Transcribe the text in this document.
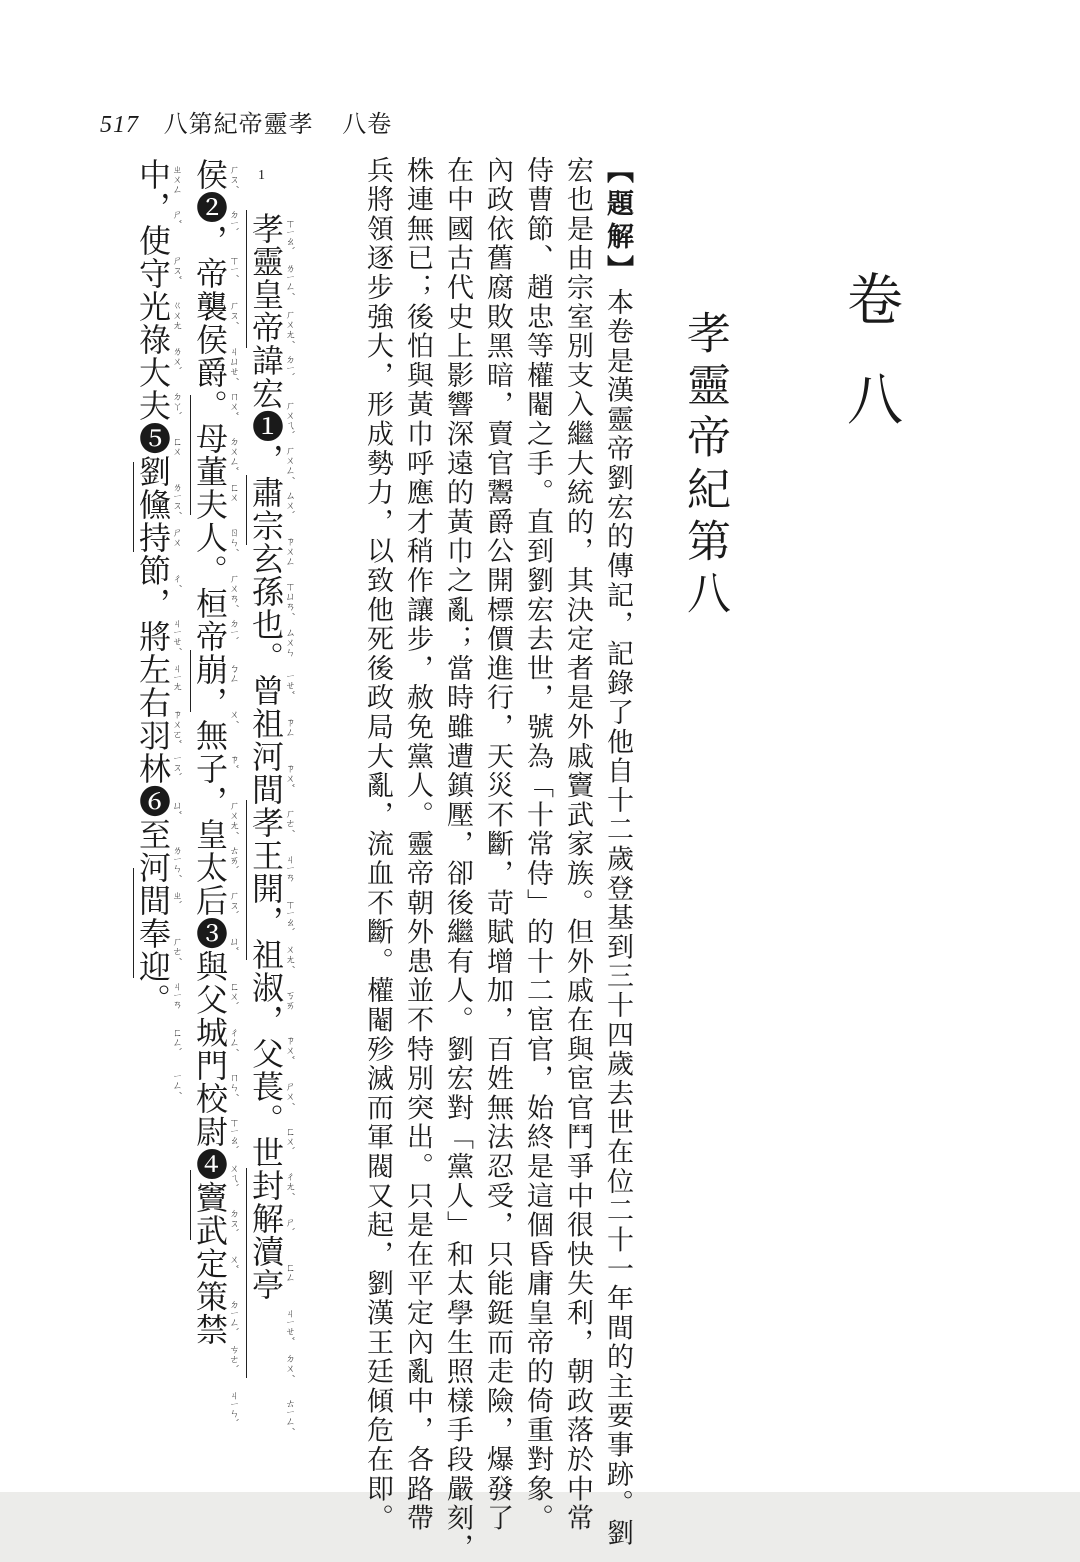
517 八第紀帝靈孝 八卷
卷八
孝靈帝紀第八
【題解】本卷是漢靈帝劉宏的傳記，記錄了他自十二歲登基到三十四歲去世在位二十一年間的主要事跡。劉
宏也是由宗室別支入繼大統的，其決定者是外戚竇武家族。但外戚在與宦官鬥爭中很快失利，朝政落於中常
侍曹節、趙忠等權閹之手。直到劉宏去世，號為「十常侍」的十二宦官，始終是這個昏庸皇帝的倚重對象。
內政依舊腐敗黑暗，賣官鬻爵公開標價進行，天災不斷，苛賦增加，百姓無法忍受，只能鋌而走險，爆發了
在中國古代史上影響深遠的黃巾之亂；當時雖遭鎮壓，卻後繼有人。劉宏對「黨人」和太學生照樣手段嚴刻，
株連無已；後怕與黃巾呼應才稍作讓步，赦免黨人。靈帝朝外患並不特別突出。只是在平定內亂中，各路帶
兵將領逐步強大，形成勢力，以致他死後政局大亂，流血不斷。權閹殄滅而軍閥又起，劉漢王廷傾危在即。
1
孝靈皇帝諱宏❶，肅宗玄孫也。曾祖河間孝王開，祖淑，父萇。世封解瀆亭
侯❷，帝襲侯爵。母董夫人。桓帝崩，無子，皇太后❸與父城門校尉❹竇武定策禁
中，使守光祿大夫❺劉儵持節，將左右羽林❻至河間奉迎。	ㄒㄧㄠˋ
ㄌㄧㄥˊ
ㄏㄨㄤˊ
ㄉㄧˋ
ㄏㄨㄟˋ
ㄏㄨㄥˊ
ㄙㄨˋ
ㄗㄨㄥ
ㄒㄩㄢˊ
ㄙㄨㄣ
ㄧㄝˇ
ㄗㄥ
ㄗㄨˇ
ㄏㄜˊ
ㄐㄧㄢ
ㄒㄧㄠˋ
ㄨㄤˊ
ㄎㄞ
ㄗㄨˇ
ㄕㄨˊ
ㄈㄨˋ
ㄔㄤˊ
ㄕˋ
ㄈㄥ
ㄐㄧㄝˇ
ㄉㄨˊ
ㄊㄧㄥˊ
ㄏㄡˊ
ㄉㄧˋ
ㄒㄧˊ
ㄏㄡˊ
ㄐㄩㄝˊ
ㄇㄨˇ
ㄉㄨㄥˇ
ㄈㄨ
ㄖㄣˊ
ㄏㄨㄢˊ
ㄉㄧˋ
ㄅㄥ
ㄨˊ
ㄗˇ
ㄏㄨㄤˊ
ㄊㄞˋ
ㄏㄡˋ
ㄩˇ
ㄈㄨˋ
ㄔㄥˊ
ㄇㄣˊ
ㄒㄧㄠˋ
ㄨㄟˋ
ㄉㄡˋ
ㄨˇ
ㄉㄧㄥˋ
ㄘㄜˋ
ㄐㄧㄣˋ
ㄓㄨㄥ
ㄕˇ
ㄕㄡˇ
ㄍㄨㄤ
ㄌㄨˋ
ㄉㄚˋ
ㄈㄨ
ㄌㄧㄡˊ
ㄕㄨ
ㄔˊ
ㄐㄧㄝˊ
ㄐㄧㄤ
ㄗㄨㄛˇ
ㄧㄡˋ
ㄩˇ
ㄌㄧㄣˊ
ㄓˋ
ㄏㄜˊ
ㄐㄧㄢ
ㄈㄥˋ
ㄧㄥˊ
